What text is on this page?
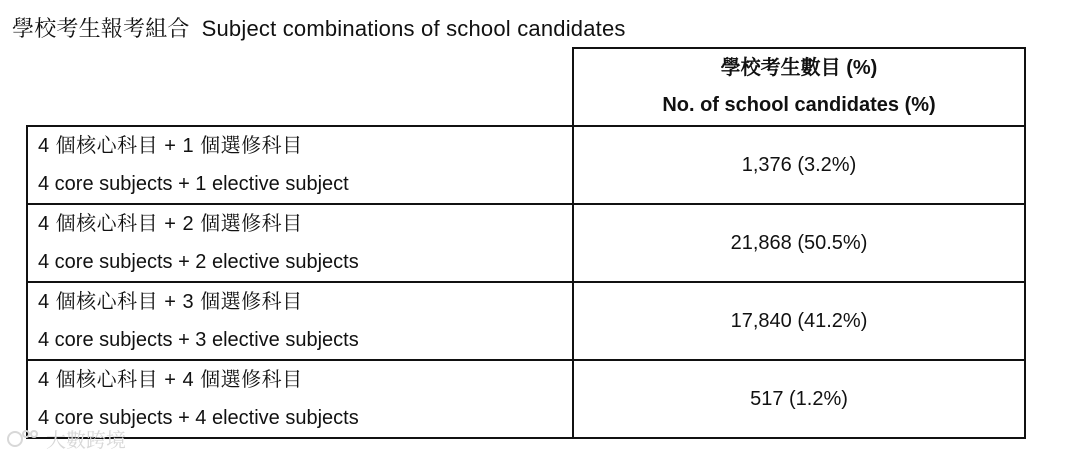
學校考生報考組合 Subject combinations of school candidates

	學校考生數目 (%)
No. of school candidates (%)

4 個核心科目 + 1 個選修科目
4 core subjects + 1 elective subject	1,376 (3.2%)

4 個核心科目 + 2 個選修科目
4 core subjects + 2 elective subjects	21,868 (50.5%)

4 個核心科目 + 3 個選修科目
4 core subjects + 3 elective subjects	17,840 (41.2%)

4 個核心科目 + 4 個選修科目
4 core subjects + 4 elective subjects	517 (1.2%)
大數跨境
